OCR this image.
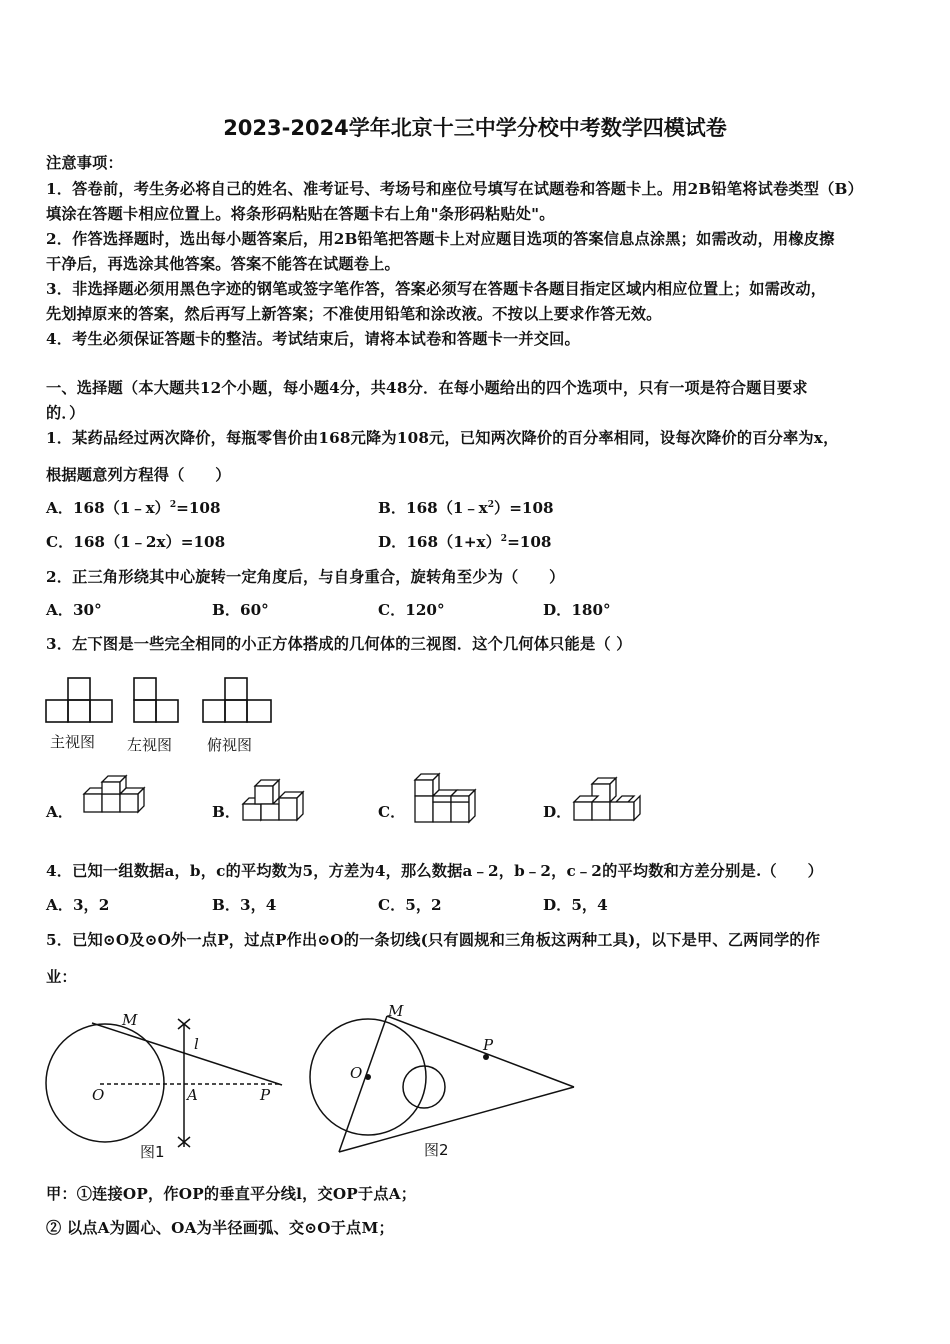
2023-2024学年北京十三中学分校中考数学四模试卷
注意事项：
1．答卷前，考生务必将自己的姓名、准考证号、考场号和座位号填写在试题卷和答题卡上。用2B铅笔将试卷类型（B）
填涂在答题卡相应位置上。将条形码粘贴在答题卡右上角"条形码粘贴处"。
2．作答选择题时，选出每小题答案后，用2B铅笔把答题卡上对应题目选项的答案信息点涂黑；如需改动，用橡皮擦
干净后，再选涂其他答案。答案不能答在试题卷上。
3．非选择题必须用黑色字迹的钢笔或签字笔作答，答案必须写在答题卡各题目指定区域内相应位置上；如需改动，
先划掉原来的答案，然后再写上新答案；不准使用铅笔和涂改液。不按以上要求作答无效。
4．考生必须保证答题卡的整洁。考试结束后，请将本试卷和答题卡一并交回。
一、选择题（本大题共12个小题，每小题4分，共48分．在每小题给出的四个选项中，只有一项是符合题目要求
的．）
1．某药品经过两次降价，每瓶零售价由168元降为108元，已知两次降价的百分率相同，设每次降价的百分率为x，
根据题意列方程得（　　）
A．168（1﹣x）$^2$=108	B．$168(1﹣x^2)=108$
C．168（1﹣2x）=108	D．$168(1+x)^2=108$
2．正三角形绕其中心旋转一定角度后，与自身重合，旋转角至少为（　　）
A．30°	B．60°	C．120°	D．180°
3．左下图是一些完全相同的小正方体搭成的几何体的三视图．这个几何体只能是（ ）
主视图 左视图 俯视图
A．	B．	C．	D．
4．已知一组数据a，b，c的平均数为5，方差为4，那么数据a﹣2，b﹣2，c﹣2的平均数和方差分别是.（　　）
A．3，2	B．3，4	C．5，2	D．5，4
5．已知⊙O及⊙O外一点P，过点P作出⊙O的一条切线(只有圆规和三角板这两种工具)，以下是甲、乙两同学的作
业：
M
l
O	A	P
图1
M
P
O
图2
甲：①连接OP，作OP的垂直平分线l，交OP于点A；
② 以点A为圆心、OA为半径画弧、交⊙O于点M；
